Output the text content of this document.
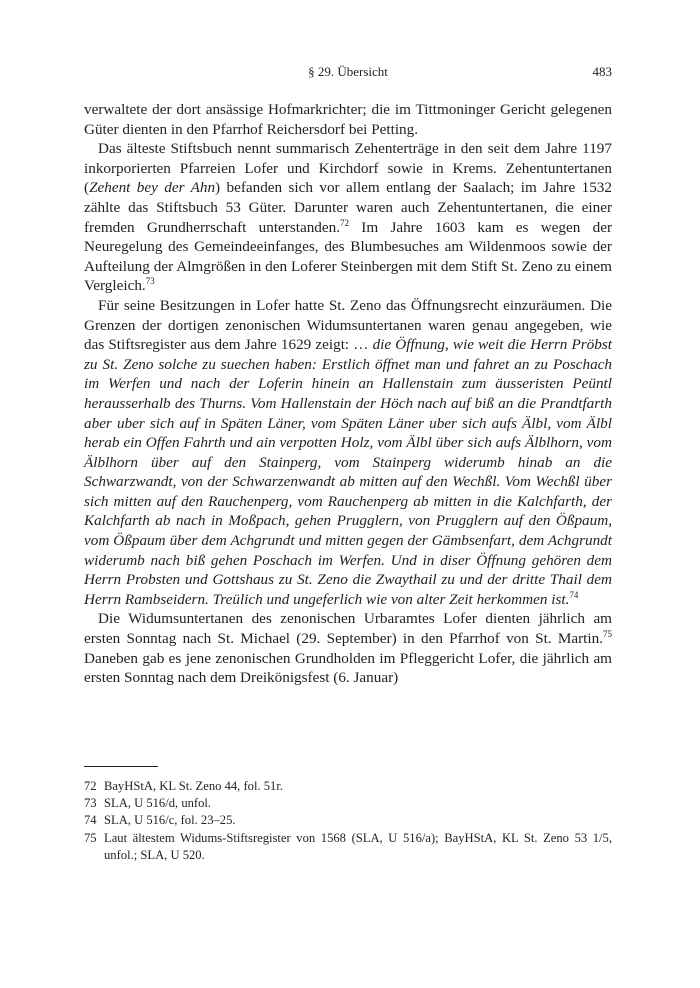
§ 29. Übersicht	483

verwaltete der dort ansässige Hofmarkrichter; die im Tittmoninger Gericht gelegenen Güter dienten in den Pfarrhof Reichersdorf bei Petting.

Das älteste Stiftsbuch nennt summarisch Zehenterträge in den seit dem Jahre 1197 inkorporierten Pfarreien Lofer und Kirchdorf sowie in Krems. Zehentuntertanen (Zehent bey der Ahn) befanden sich vor allem entlang der Saalach; im Jahre 1532 zählte das Stiftsbuch 53 Güter. Darunter waren auch Zehentuntertanen, die einer fremden Grundherrschaft unterstanden.$^{72}$ Im Jahre 1603 kam es wegen der Neuregelung des Gemeindeeinfanges, des Blumbesuches am Wildenmoos sowie der Aufteilung der Almgrößen in den Loferer Steinbergen mit dem Stift St. Zeno zu einem Vergleich.$^{73}$

Für seine Besitzungen in Lofer hatte St. Zeno das Öffnungsrecht einzuräumen. Die Grenzen der dortigen zenonischen Widumsuntertanen waren genau angegeben, wie das Stiftsregister aus dem Jahre 1629 zeigt: … die Öffnung, wie weit die Herrn Pröbst zu St. Zeno solche zu suechen haben: Erstlich öffnet man und fahret an zu Poschach im Werfen und nach der Loferin hinein an Hallenstain zum äusseristen Peüntl herausserhalb des Thurns. Vom Hallenstain der Höch nach auf biß an die Prandtfarth aber uber sich auf in Späten Läner, vom Späten Läner uber sich aufs Älbl, vom Älbl herab ein Offen Fahrth und ain verpotten Holz, vom Älbl über sich aufs Älblhorn, vom Älblhorn über auf den Stainperg, vom Stainperg widerumb hinab an die Schwarzwandt, von der Schwarzenwandt ab mitten auf den Wechßl. Vom Wechßl über sich mitten auf den Rauchenperg, vom Rauchenperg ab mitten in die Kalchfarth, der Kalchfarth ab nach in Moßpach, gehen Prugglern, von Prugglern auf den Ößpaum, vom Ößpaum über dem Achgrundt und mitten gegen der Gämbsenfart, dem Achgrundt widerumb nach biß gehen Poschach im Werfen. Und in diser Öffnung gehören dem Herrn Probsten und Gottshaus zu St. Zeno die Zwaythail zu und der dritte Thail dem Herrn Rambseidern. Treülich und ungeferlich wie von alter Zeit herkommen ist.$^{74}$

Die Widumsuntertanen des zenonischen Urbaramtes Lofer dienten jährlich am ersten Sonntag nach St. Michael (29. September) in den Pfarrhof von St. Martin.$^{75}$ Daneben gab es jene zenonischen Grundholden im Pfleggericht Lofer, die jährlich am ersten Sonntag nach dem Dreikönigsfest (6. Januar)

72 BayHStA, KL St. Zeno 44, fol. 51r.
73 SLA, U 516/d, unfol.
74 SLA, U 516/c, fol. 23–25.
75 Laut ältestem Widums-Stiftsregister von 1568 (SLA, U 516/a); BayHStA, KL St. Zeno 53 1/5, unfol.; SLA, U 520.
